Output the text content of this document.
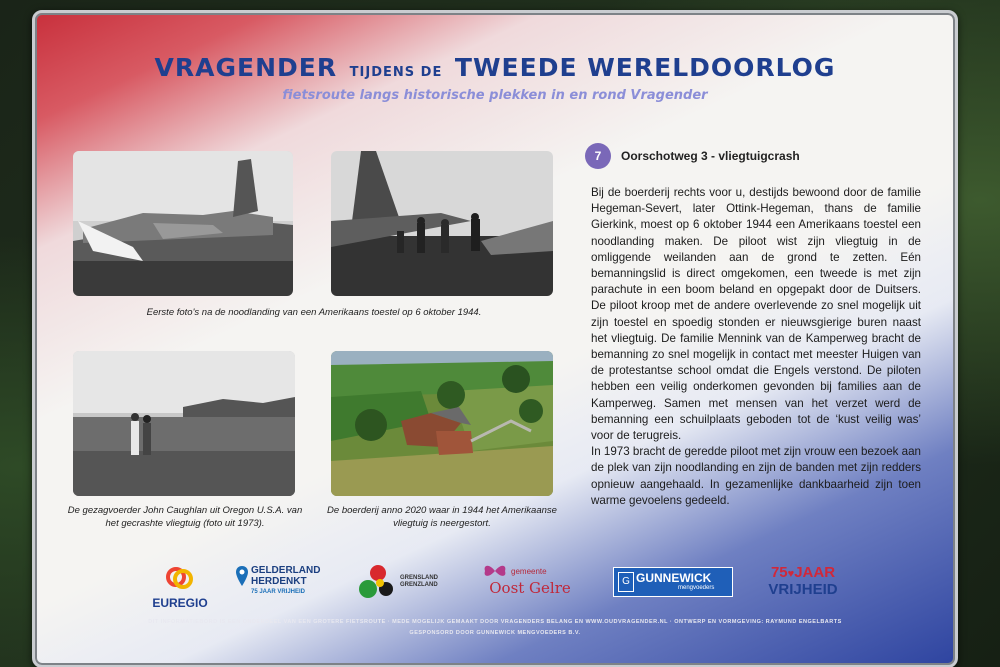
VRAGENDER TIJDENS DE TWEEDE WERELDOORLOG
fietsroute langs historische plekken in en rond Vragender
Eerste foto's na de noodlanding van een Amerikaans toestel op 6 oktober 1944.
De gezagvoerder John Caughlan uit Oregon U.S.A. van het gecrashte vliegtuig (foto uit 1973).
De boerderij anno 2020 waar in 1944 het Amerikaanse vliegtuig is neergestort.
7	Oorschotweg 3 - vliegtuigcrash

Bij de boerderij rechts voor u, destijds bewoond door de familie Hegeman-Severt, later Ottink-Hegeman, thans de familie Gierkink, moest op 6 oktober 1944 een Amerikaans toestel een noodlanding maken. De piloot wist zijn vliegtuig in de omliggende weilanden aan de grond te zetten. Eén bemanningslid is direct omgekomen, een tweede is met zijn parachute in een boom beland en opgepakt door de Duitsers. De piloot kroop met de andere overlevende zo snel mogelijk uit zijn toestel en spoedig stonden er nieuwsgierige buren naast het vliegtuig. De familie Mennink van de Kamperweg bracht de bemanning zo snel mogelijk in contact met meester Huigen van de protestantse school omdat die Engels verstond. De piloten hebben een veilig onderkomen gevonden bij families aan de Kamperweg. Samen met mensen van het verzet werd de bemanning een schuilplaats geboden tot de ‘kust veilig was’ voor de terugreis.

In 1973 bracht de geredde piloot met zijn vrouw een bezoek aan de plek van zijn noodlanding en zijn de banden met zijn redders opnieuw aangehaald. In gezamenlijke dankbaarheid zijn toen warme gevoelens gedeeld.

EUREGIO
GELDERLAND
HERDENKT
75 JAAR VRIJHEID
GRENSLAND
GRENZLAND
gemeente
Oost Gelre	G GUNNEWICK
mengvoeders
75♥JAAR
VRIJHEID
DIT INFORMATIEBORD IS EEN ONDERDEEL VAN EEN GROTERE FIETSROUTE · MEDE MOGELIJK GEMAAKT DOOR VRAGENDERS BELANG EN WWW.OUDVRAGENDER.NL · ONTWERP EN VORMGEVING: RAYMUND ENGELBARTS
GESPONSORD DOOR GUNNEWICK MENGVOEDERS B.V.
